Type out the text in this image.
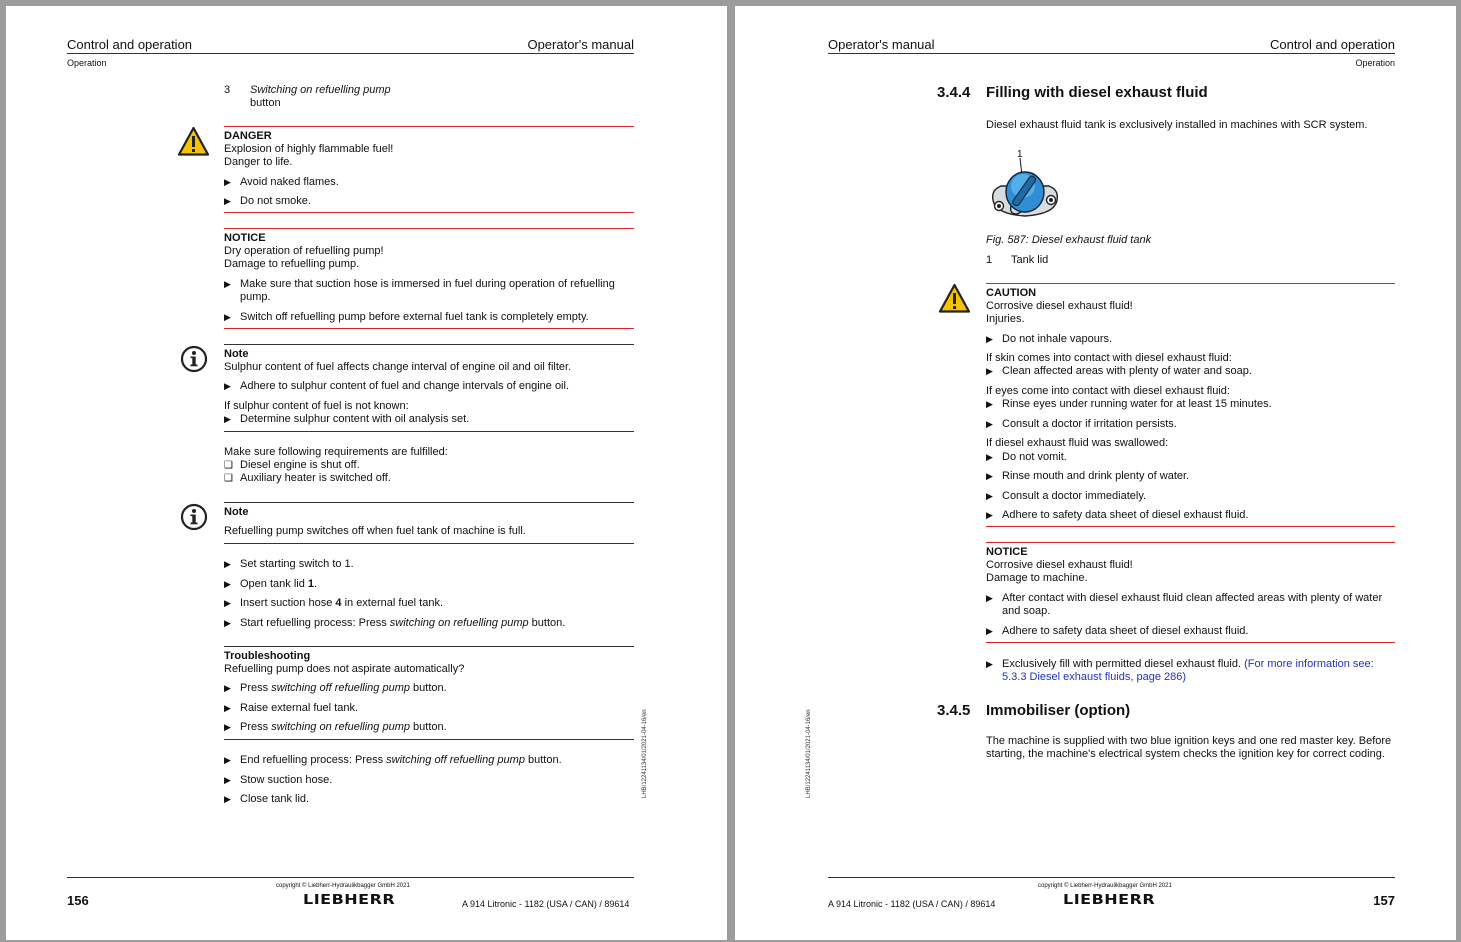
Control and operation	Operator's manual
Operation
3 Switching on refuelling pump
button
DANGER
Explosion of highly flammable fuel!
Danger to life.
▶ Avoid naked flames.
▶ Do not smoke.
NOTICE
Dry operation of refuelling pump!
Damage to refuelling pump.
▶ Make sure that suction hose is immersed in fuel during operation of refuelling
pump.
▶ Switch off refuelling pump before external fuel tank is completely empty.
Note
Sulphur content of fuel affects change interval of engine oil and oil filter.
▶ Adhere to sulphur content of fuel and change intervals of engine oil.
If sulphur content of fuel is not known:
▶ Determine sulphur content with oil analysis set.
Make sure following requirements are fulfilled:
❑ Diesel engine is shut off.
❑ Auxiliary heater is switched off.
Note
Refuelling pump switches off when fuel tank of machine is full.
▶ Set starting switch to 1.
▶ Open tank lid 1.
▶ Insert suction hose 4 in external fuel tank.
▶ Start refuelling process: Press switching on refuelling pump button.
Troubleshooting
Refuelling pump does not aspirate automatically?
▶ Press switching off refuelling pump button.
▶ Raise external fuel tank.
▶ Press switching on refuelling pump button.
▶ End refuelling process: Press switching off refuelling pump button.
▶ Stow suction hose.
▶ Close tank lid.
LHB/12241134/01/2021-04-16/en
copyright © Liebherr-Hydraulikbagger GmbH 2021
156	LIEBHERR	A 914 Litronic - 1182 (USA / CAN) / 89614
Operator's manual	Control and operation
Operation
3.4.4 Filling with diesel exhaust fluid
Diesel exhaust fluid tank is exclusively installed in machines with SCR system.
1
Fig. 587: Diesel exhaust fluid tank
1 Tank lid
CAUTION
Corrosive diesel exhaust fluid!
Injuries.
▶ Do not inhale vapours.
If skin comes into contact with diesel exhaust fluid:
▶ Clean affected areas with plenty of water and soap.
If eyes come into contact with diesel exhaust fluid:
▶ Rinse eyes under running water for at least 15 minutes.
▶ Consult a doctor if irritation persists.
If diesel exhaust fluid was swallowed:
▶ Do not vomit.
▶ Rinse mouth and drink plenty of water.
▶ Consult a doctor immediately.
▶ Adhere to safety data sheet of diesel exhaust fluid.
NOTICE
Corrosive diesel exhaust fluid!
Damage to machine.
▶ After contact with diesel exhaust fluid clean affected areas with plenty of water
and soap.
▶ Adhere to safety data sheet of diesel exhaust fluid.
▶ Exclusively fill with permitted diesel exhaust fluid. (For more information see:
5.3.3 Diesel exhaust fluids, page 286)
3.4.5 Immobiliser (option)
The machine is supplied with two blue ignition keys and one red master key. Before
starting, the machine's electrical system checks the ignition key for correct coding.
LHB/12241134/01/2021-04-16/en
copyright © Liebherr-Hydraulikbagger GmbH 2021
A 914 Litronic - 1182 (USA / CAN) / 89614	LIEBHERR	157
